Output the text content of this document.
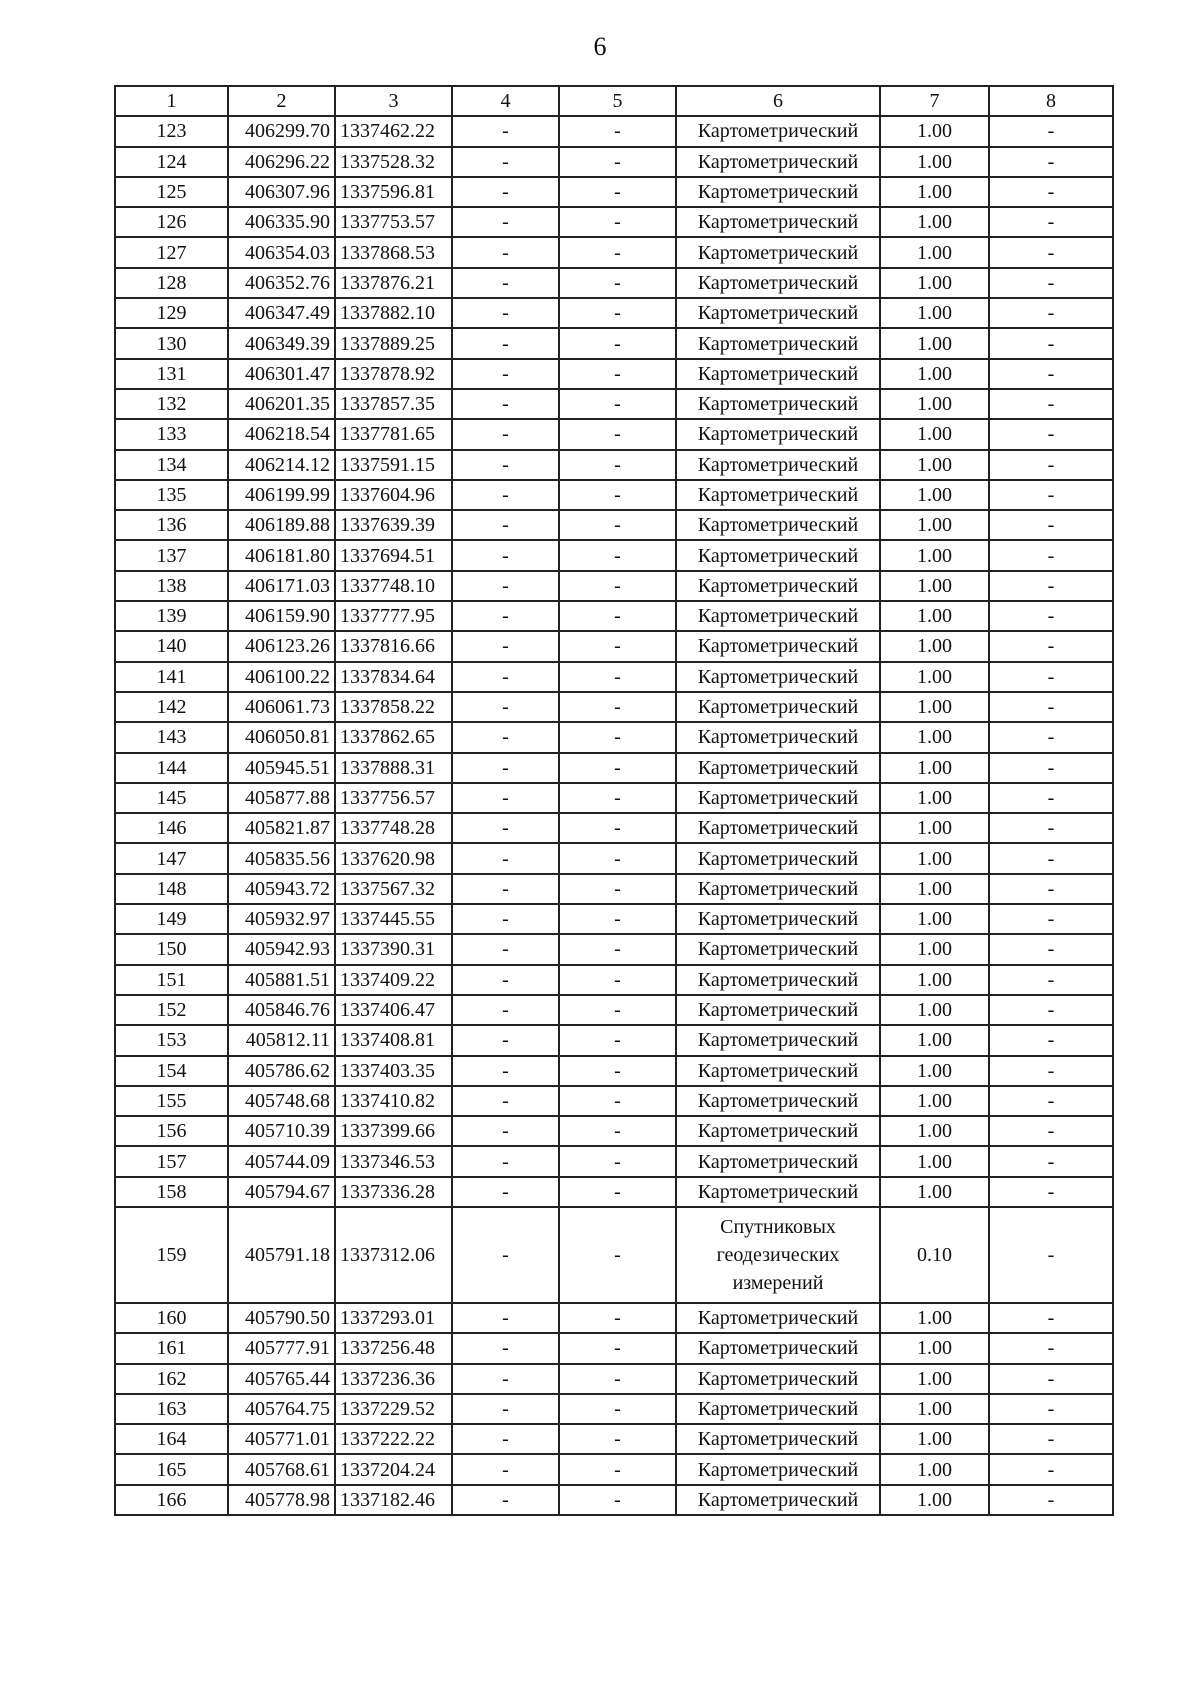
6
1	2	3	4	5	6	7	8
123	406299.70	1337462.22	-	-	Картометрический	1.00	-
124	406296.22	1337528.32	-	-	Картометрический	1.00	-
125	406307.96	1337596.81	-	-	Картометрический	1.00	-
126	406335.90	1337753.57	-	-	Картометрический	1.00	-
127	406354.03	1337868.53	-	-	Картометрический	1.00	-
128	406352.76	1337876.21	-	-	Картометрический	1.00	-
129	406347.49	1337882.10	-	-	Картометрический	1.00	-
130	406349.39	1337889.25	-	-	Картометрический	1.00	-
131	406301.47	1337878.92	-	-	Картометрический	1.00	-
132	406201.35	1337857.35	-	-	Картометрический	1.00	-
133	406218.54	1337781.65	-	-	Картометрический	1.00	-
134	406214.12	1337591.15	-	-	Картометрический	1.00	-
135	406199.99	1337604.96	-	-	Картометрический	1.00	-
136	406189.88	1337639.39	-	-	Картометрический	1.00	-
137	406181.80	1337694.51	-	-	Картометрический	1.00	-
138	406171.03	1337748.10	-	-	Картометрический	1.00	-
139	406159.90	1337777.95	-	-	Картометрический	1.00	-
140	406123.26	1337816.66	-	-	Картометрический	1.00	-
141	406100.22	1337834.64	-	-	Картометрический	1.00	-
142	406061.73	1337858.22	-	-	Картометрический	1.00	-
143	406050.81	1337862.65	-	-	Картометрический	1.00	-
144	405945.51	1337888.31	-	-	Картометрический	1.00	-
145	405877.88	1337756.57	-	-	Картометрический	1.00	-
146	405821.87	1337748.28	-	-	Картометрический	1.00	-
147	405835.56	1337620.98	-	-	Картометрический	1.00	-
148	405943.72	1337567.32	-	-	Картометрический	1.00	-
149	405932.97	1337445.55	-	-	Картометрический	1.00	-
150	405942.93	1337390.31	-	-	Картометрический	1.00	-
151	405881.51	1337409.22	-	-	Картометрический	1.00	-
152	405846.76	1337406.47	-	-	Картометрический	1.00	-
153	405812.11	1337408.81	-	-	Картометрический	1.00	-
154	405786.62	1337403.35	-	-	Картометрический	1.00	-
155	405748.68	1337410.82	-	-	Картометрический	1.00	-
156	405710.39	1337399.66	-	-	Картометрический	1.00	-
157	405744.09	1337346.53	-	-	Картометрический	1.00	-
158	405794.67	1337336.28	-	-	Картометрический	1.00	-
159	405791.18	1337312.06	-	-	Спутниковых геодезических измерений	0.10	-
160	405790.50	1337293.01	-	-	Картометрический	1.00	-
161	405777.91	1337256.48	-	-	Картометрический	1.00	-
162	405765.44	1337236.36	-	-	Картометрический	1.00	-
163	405764.75	1337229.52	-	-	Картометрический	1.00	-
164	405771.01	1337222.22	-	-	Картометрический	1.00	-
165	405768.61	1337204.24	-	-	Картометрический	1.00	-
166	405778.98	1337182.46	-	-	Картометрический	1.00	-
